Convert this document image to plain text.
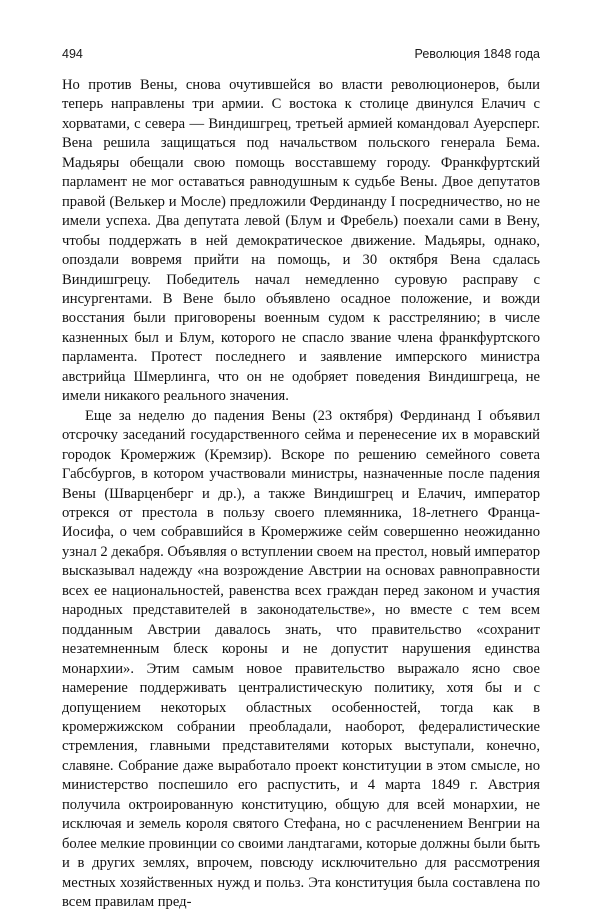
494	Революция 1848 года

Но против Вены, снова очутившейся во власти революционеров, были теперь направлены три армии. С востока к столице двинулся Елачич с хорватами, с севера — Виндишгрец, третьей армией командовал Ауерсперг. Вена решила защищаться под начальством польского генерала Бема. Мадьяры обещали свою помощь восставшему городу. Франкфуртский парламент не мог оставаться равнодушным к судьбе Вены. Двое депутатов правой (Велькер и Мосле) предложили Фердинанду I посредничество, но не имели успеха. Два депутата левой (Блум и Фребель) поехали сами в Вену, чтобы поддержать в ней демократическое движение. Мадьяры, однако, опоздали вовремя прийти на помощь, и 30 октября Вена сдалась Виндишгрецу. Победитель начал немедленно суровую расправу с инсургентами. В Вене было объявлено осадное положение, и вожди восстания были приговорены военным судом к расстрелянию; в числе казненных был и Блум, которого не спасло звание члена франкфуртского парламента. Протест последнего и заявление имперского министра австрийца Шмерлинга, что он не одобряет поведения Виндишгреца, не имели никакого реального значения.

Еще за неделю до падения Вены (23 октября) Фердинанд I объявил отсрочку заседаний государственного сейма и перенесение их в моравский городок Кромержиж (Кремзир). Вскоре по решению семейного совета Габсбургов, в котором участвовали министры, назначенные после падения Вены (Шварценберг и др.), а также Виндишгрец и Елачич, император отрекся от престола в пользу своего племянника, 18-летнего Франца-Иосифа, о чем собравшийся в Кромержиже сейм совершенно неожиданно узнал 2 декабря. Объявляя о вступлении своем на престол, новый император высказывал надежду «на возрождение Австрии на основах равноправности всех ее национальностей, равенства всех граждан перед законом и участия народных представителей в законодательстве», но вместе с тем всем подданным Австрии давалось знать, что правительство «сохранит незатемненным блеск короны и не допустит нарушения единства монархии». Этим самым новое правительство выражало ясно свое намерение поддерживать централистическую политику, хотя бы и с допущением некоторых областных особенностей, тогда как в кромержижском собрании преобладали, наоборот, федералистические стремления, главными представителями которых выступали, конечно, славяне. Собрание даже выработало проект конституции в этом смысле, но министерство поспешило его распустить, и 4 марта 1849 г. Австрия получила октроированную конституцию, общую для всей монархии, не исключая и земель короля святого Стефана, но с расчленением Венгрии на более мелкие провинции со своими ландтагами, которые должны были быть и в других землях, впрочем, повсюду исключительно для рассмотрения местных хозяйственных нужд и польз. Эта конституция была составлена по всем правилам пред-
